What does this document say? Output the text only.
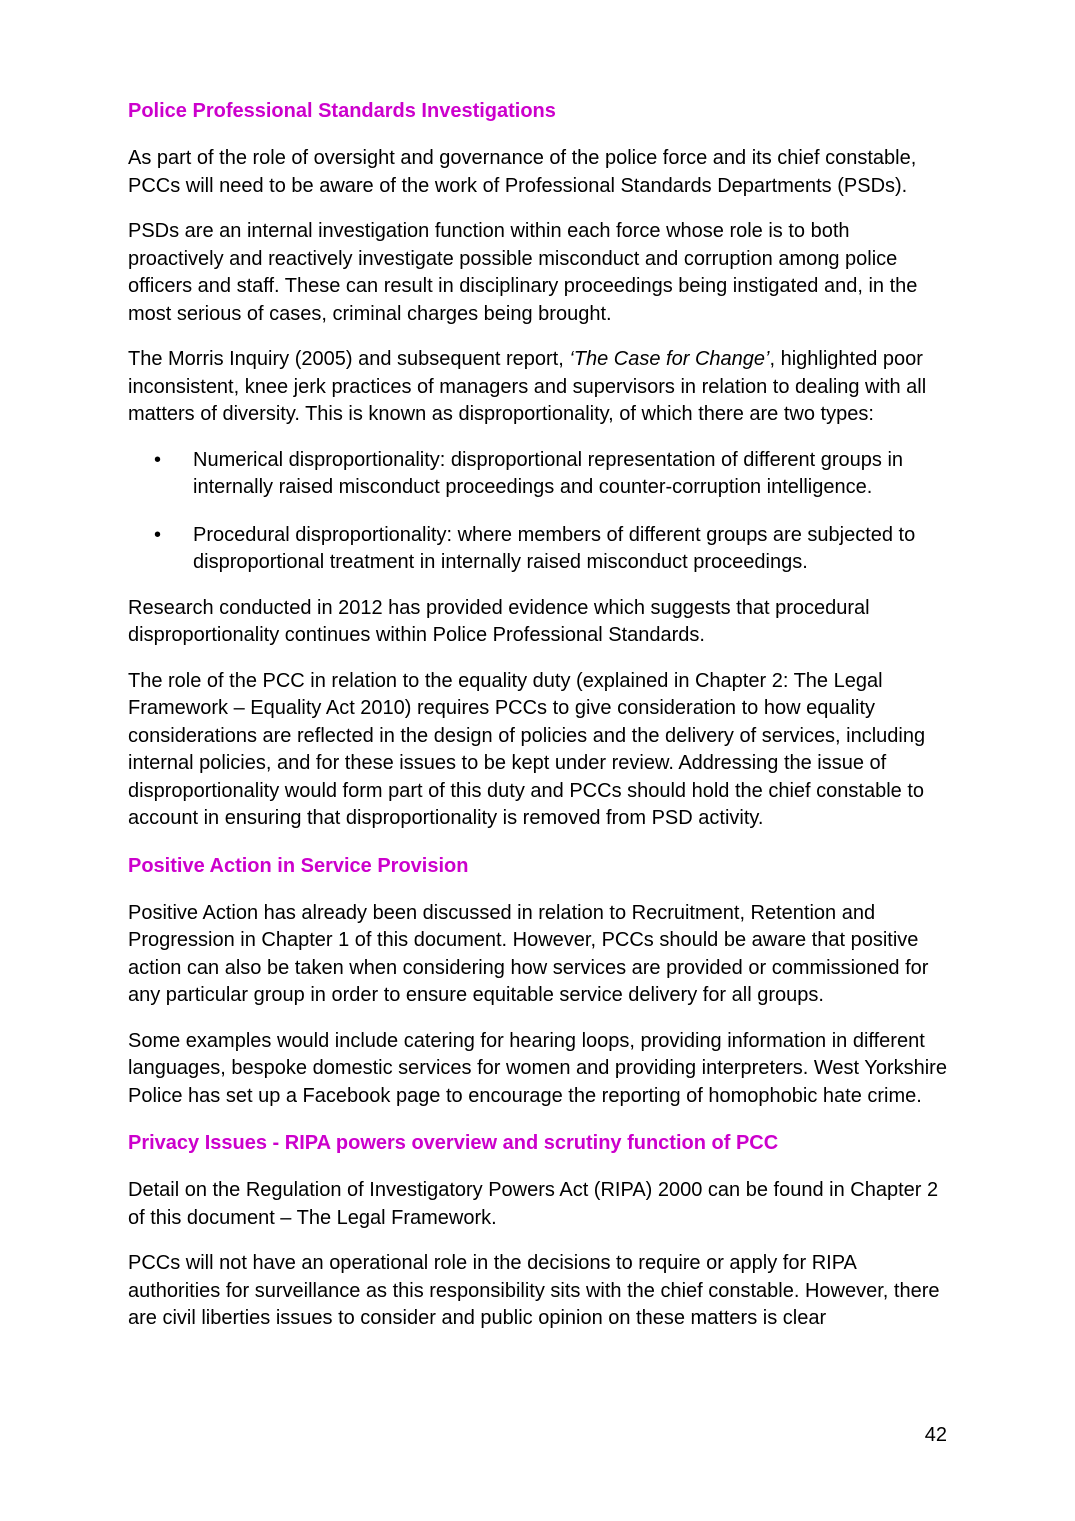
Police Professional Standards Investigations

As part of the role of oversight and governance of the police force and its chief constable, PCCs will need to be aware of the work of Professional Standards Departments (PSDs).

PSDs are an internal investigation function within each force whose role is to both proactively and reactively investigate possible misconduct and corruption among police officers and staff. These can result in disciplinary proceedings being instigated and, in the most serious of cases, criminal charges being brought.

The Morris Inquiry (2005) and subsequent report, ‘The Case for Change’, highlighted poor inconsistent, knee jerk practices of managers and supervisors in relation to dealing with all matters of diversity. This is known as disproportionality, of which there are two types:

• Numerical disproportionality: disproportional representation of different groups in internally raised misconduct proceedings and counter-corruption intelligence.
• Procedural disproportionality: where members of different groups are subjected to disproportional treatment in internally raised misconduct proceedings.

Research conducted in 2012 has provided evidence which suggests that procedural disproportionality continues within Police Professional Standards.

The role of the PCC in relation to the equality duty (explained in Chapter 2: The Legal Framework – Equality Act 2010) requires PCCs to give consideration to how equality considerations are reflected in the design of policies and the delivery of services, including internal policies, and for these issues to be kept under review. Addressing the issue of disproportionality would form part of this duty and PCCs should hold the chief constable to account in ensuring that disproportionality is removed from PSD activity.

Positive Action in Service Provision

Positive Action has already been discussed in relation to Recruitment, Retention and Progression in Chapter 1 of this document. However, PCCs should be aware that positive action can also be taken when considering how services are provided or commissioned for any particular group in order to ensure equitable service delivery for all groups.

Some examples would include catering for hearing loops, providing information in different languages, bespoke domestic services for women and providing interpreters. West Yorkshire Police has set up a Facebook page to encourage the reporting of homophobic hate crime.

Privacy Issues - RIPA powers overview and scrutiny function of PCC

Detail on the Regulation of Investigatory Powers Act (RIPA) 2000 can be found in Chapter 2 of this document – The Legal Framework.

PCCs will not have an operational role in the decisions to require or apply for RIPA authorities for surveillance as this responsibility sits with the chief constable. However, there are civil liberties issues to consider and public opinion on these matters is clear

42
